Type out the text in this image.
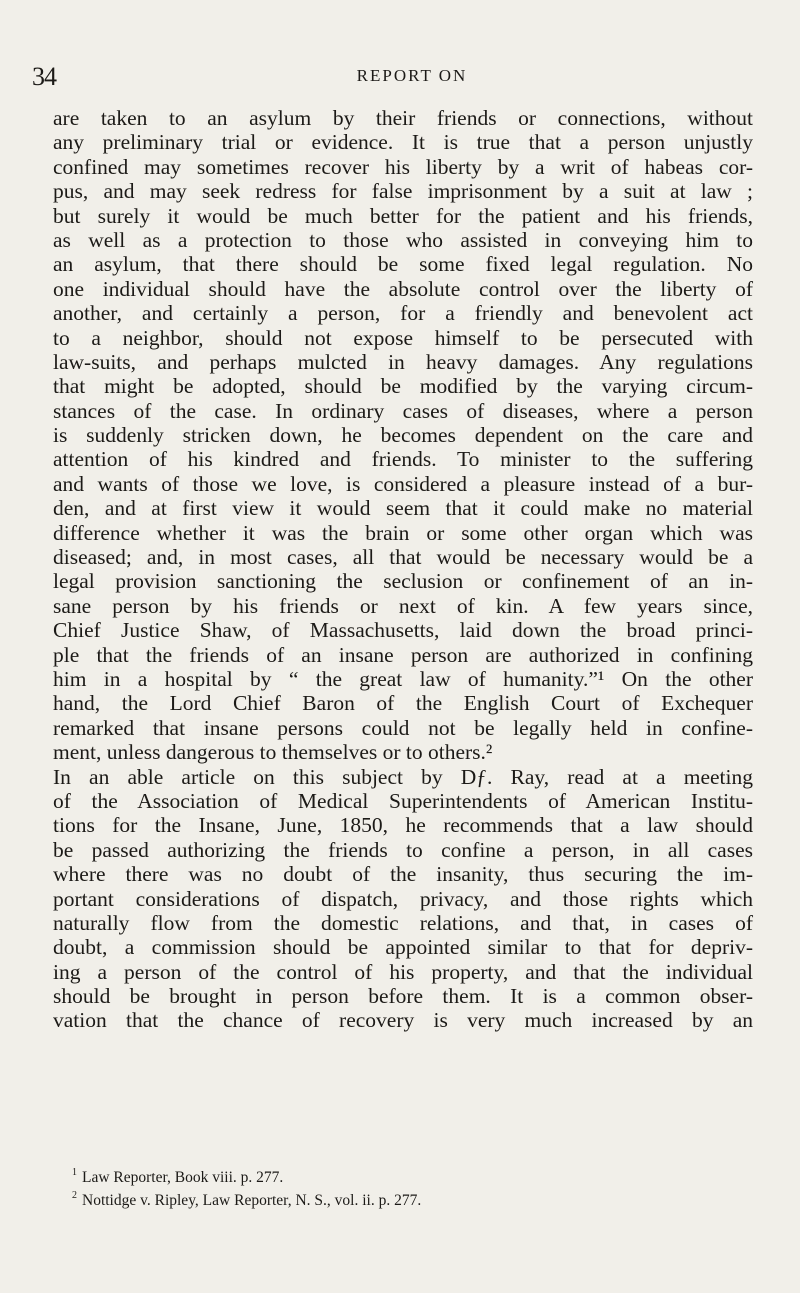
34	REPORT ON
are taken to an asylum by their friends or connections, without
any preliminary trial or evidence. It is true that a person unjustly
confined may sometimes recover his liberty by a writ of habeas cor-
pus, and may seek redress for false imprisonment by a suit at law ;
but surely it would be much better for the patient and his friends,
as well as a protection to those who assisted in conveying him to
an asylum, that there should be some fixed legal regulation. No
one individual should have the absolute control over the liberty of
another, and certainly a person, for a friendly and benevolent act
to a neighbor, should not expose himself to be persecuted with
law-suits, and perhaps mulcted in heavy damages. Any regulations
that might be adopted, should be modified by the varying circum-
stances of the case. In ordinary cases of diseases, where a person
is suddenly stricken down, he becomes dependent on the care and
attention of his kindred and friends. To minister to the suffering
and wants of those we love, is considered a pleasure instead of a bur-
den, and at first view it would seem that it could make no material
difference whether it was the brain or some other organ which was
diseased; and, in most cases, all that would be necessary would be a
legal provision sanctioning the seclusion or confinement of an in-
sane person by his friends or next of kin. A few years since,
Chief Justice Shaw, of Massachusetts, laid down the broad princi-
ple that the friends of an insane person are authorized in confining
him in a hospital by “ the great law of humanity.”¹ On the other
hand, the Lord Chief Baron of the English Court of Exchequer
remarked that insane persons could not be legally held in confine-
ment, unless dangerous to themselves or to others.²
In an able article on this subject by Dƒ. Ray, read at a meeting
of the Association of Medical Superintendents of American Institu-
tions for the Insane, June, 1850, he recommends that a law should
be passed authorizing the friends to confine a person, in all cases
where there was no doubt of the insanity, thus securing the im-
portant considerations of dispatch, privacy, and those rights which
naturally flow from the domestic relations, and that, in cases of
doubt, a commission should be appointed similar to that for depriv-
ing a person of the control of his property, and that the individual
should be brought in person before them. It is a common obser-
vation that the chance of recovery is very much increased by an
$^1$ Law Reporter, Book viii. p. 277.
$^2$ Nottidge v. Ripley, Law Reporter, N. S., vol. ii. p. 277.
